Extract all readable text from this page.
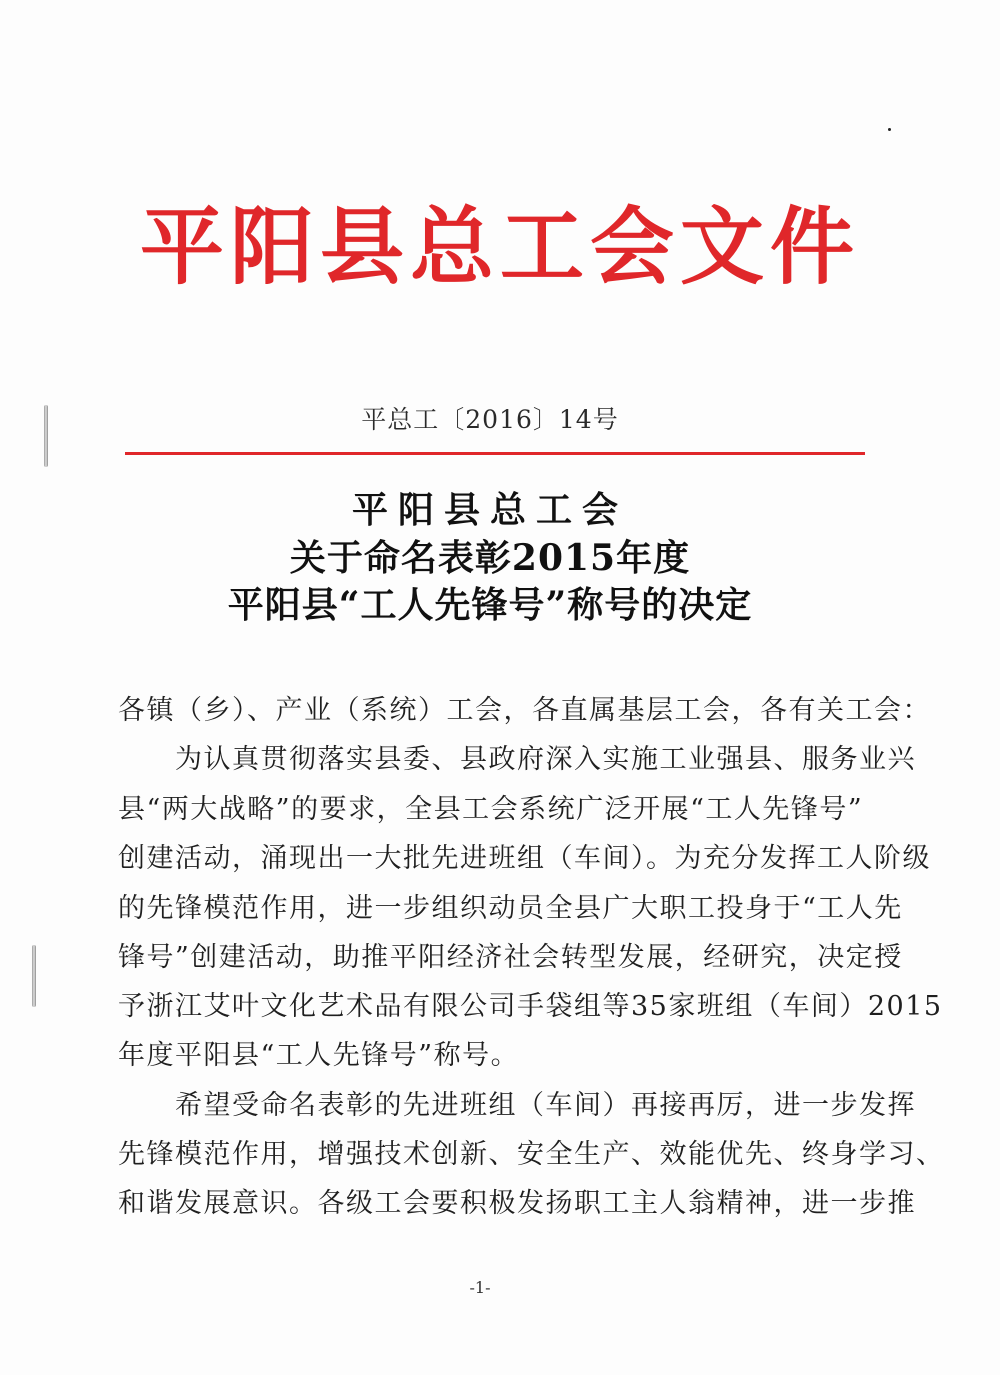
平阳县总工会文件
平总工〔2016〕14号
平阳县总工会
关于命名表彰2015年度
平阳县“工人先锋号”称号的决定
各镇（乡）、产业（系统）工会，各直属基层工会，各有关工会：
　　为认真贯彻落实县委、县政府深入实施工业强县、服务业兴
县“两大战略”的要求，全县工会系统广泛开展“工人先锋号”
创建活动，涌现出一大批先进班组（车间）。为充分发挥工人阶级
的先锋模范作用，进一步组织动员全县广大职工投身于“工人先
锋号”创建活动，助推平阳经济社会转型发展，经研究，决定授
予浙江艾叶文化艺术品有限公司手袋组等35家班组（车间）2015
年度平阳县“工人先锋号”称号。
　　希望受命名表彰的先进班组（车间）再接再厉，进一步发挥
先锋模范作用，增强技术创新、安全生产、效能优先、终身学习、
和谐发展意识。各级工会要积极发扬职工主人翁精神，进一步推
-1-
